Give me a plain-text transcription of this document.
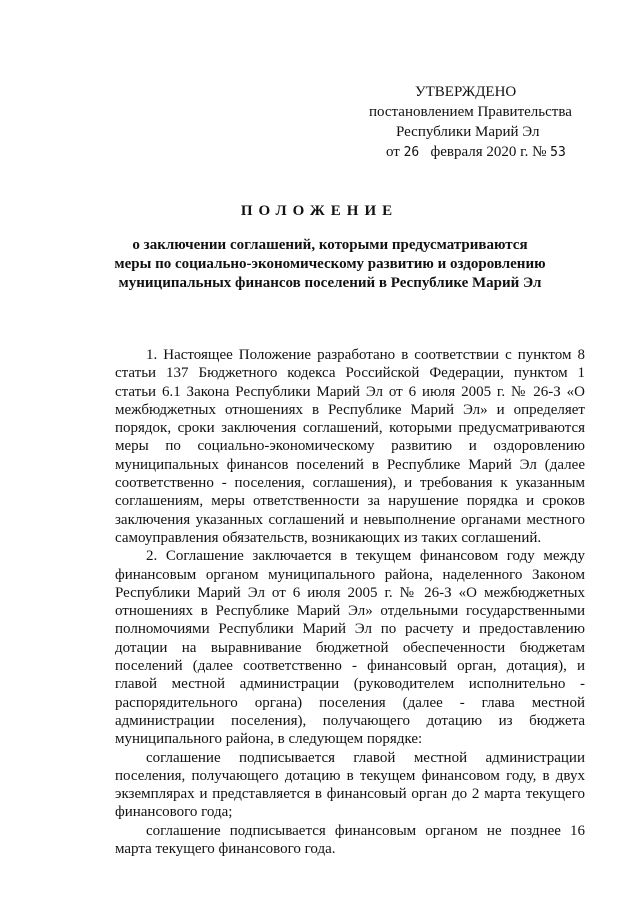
УТВЕРЖДЕНО
постановлением Правительства
Республики Марий Эл
от 26 февраля 2020 г. № 53
ПОЛОЖЕНИЕ
о заключении соглашений, которыми предусматриваются
меры по социально-экономическому развитию и оздоровлению
муниципальных финансов поселений в Республике Марий Эл

1. Настоящее Положение разработано в соответствии с пунктом 8 статьи 137 Бюджетного кодекса Российской Федерации, пунктом 1 статьи 6.1 Закона Республики Марий Эл от 6 июля 2005 г. № 26-З «О межбюджетных отношениях в Республике Марий Эл» и определяет порядок, сроки заключения соглашений, которыми предусматриваются меры по социально-экономическому развитию и оздоровлению муниципальных финансов поселений в Республике Марий Эл (далее соответственно - поселения, соглашения), и требования к указанным соглашениям, меры ответственности за нарушение порядка и сроков заключения указанных соглашений и невыполнение органами местного самоуправления обязательств, возникающих из таких соглашений.

2. Соглашение заключается в текущем финансовом году между финансовым органом муниципального района, наделенного Законом Республики Марий Эл от 6 июля 2005 г. № 26-З «О межбюджетных отношениях в Республике Марий Эл» отдельными государственными полномочиями Республики Марий Эл по расчету и предоставлению дотации на выравнивание бюджетной обеспеченности бюджетам поселений (далее соответственно - финансовый орган, дотация), и главой местной администрации (руководителем исполнительно - распорядительного органа) поселения (далее - глава местной администрации поселения), получающего дотацию из бюджета муниципального района, в следующем порядке:

соглашение подписывается главой местной администрации поселения, получающего дотацию в текущем финансовом году, в двух экземплярах и представляется в финансовый орган до 2 марта текущего финансового года;

соглашение подписывается финансовым органом не позднее 16 марта текущего финансового года.
